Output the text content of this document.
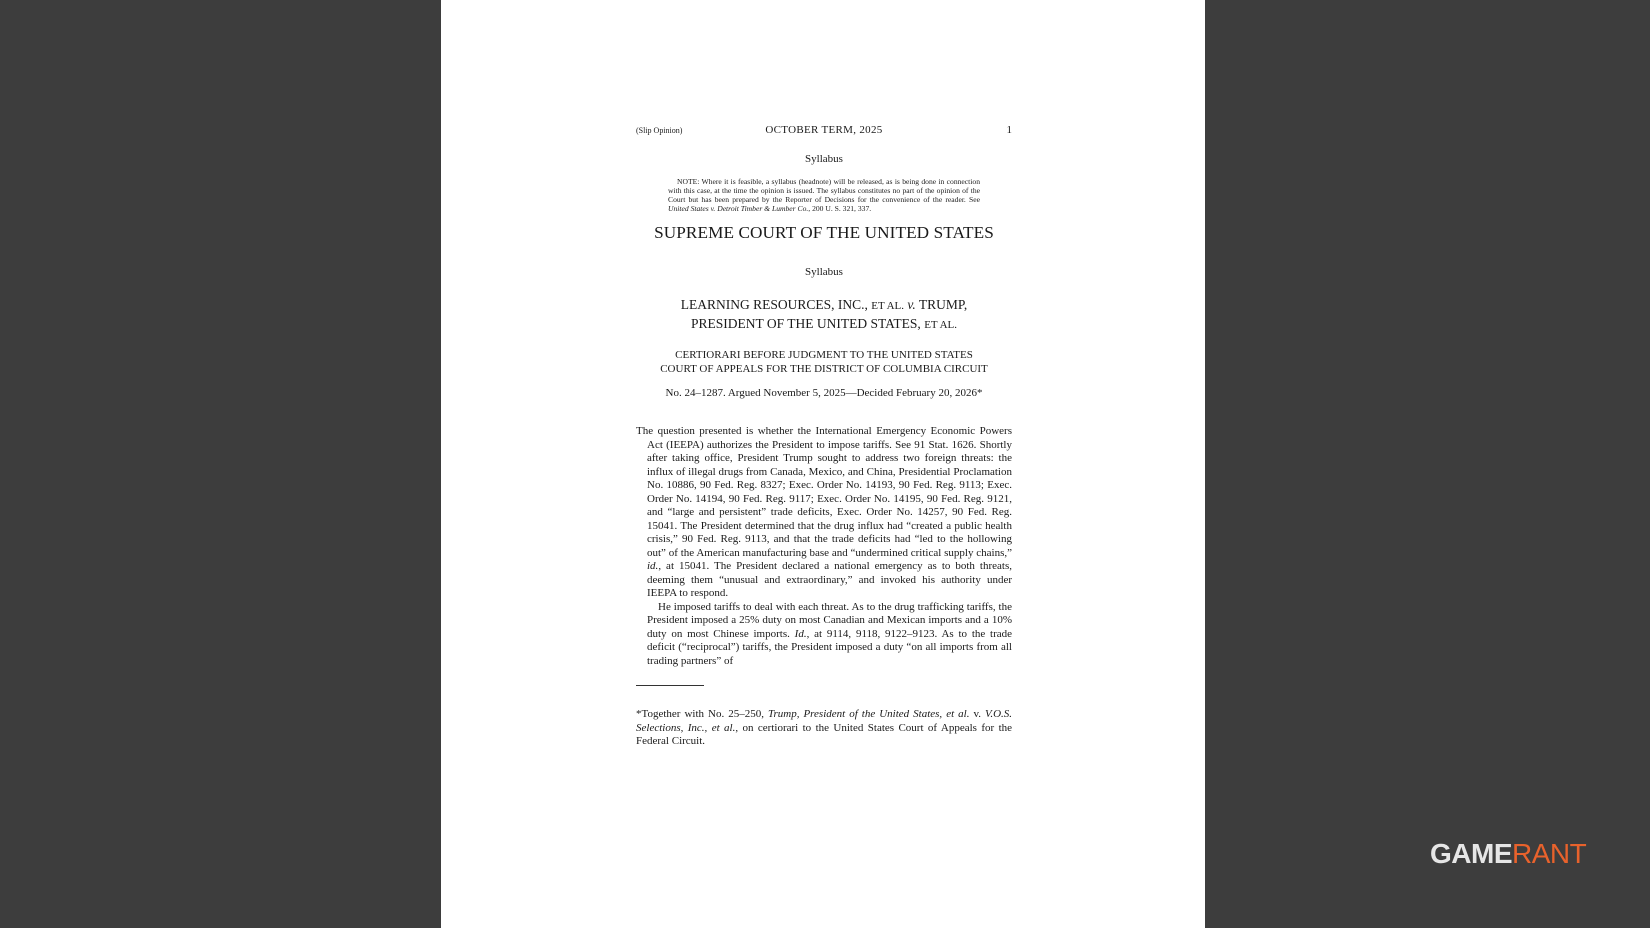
(Slip Opinion)	OCTOBER TERM, 2025	1
Syllabus
NOTE: Where it is feasible, a syllabus (headnote) will be released, as is being done in connection with this case, at the time the opinion is issued. The syllabus constitutes no part of the opinion of the Court but has been prepared by the Reporter of Decisions for the convenience of the reader. See United States v. Detroit Timber & Lumber Co., 200 U. S. 321, 337.
SUPREME COURT OF THE UNITED STATES
Syllabus
LEARNING RESOURCES, INC., ET AL. v. TRUMP,
PRESIDENT OF THE UNITED STATES, ET AL.
CERTIORARI BEFORE JUDGMENT TO THE UNITED STATES
COURT OF APPEALS FOR THE DISTRICT OF COLUMBIA CIRCUIT
No. 24–1287. Argued November 5, 2025—Decided February 20, 2026*

The question presented is whether the International Emergency Economic Powers Act (IEEPA) authorizes the President to impose tariffs. See 91 Stat. 1626. Shortly after taking office, President Trump sought to address two foreign threats: the influx of illegal drugs from Canada, Mexico, and China, Presidential Proclamation No. 10886, 90 Fed. Reg. 8327; Exec. Order No. 14193, 90 Fed. Reg. 9113; Exec. Order No. 14194, 90 Fed. Reg. 9117; Exec. Order No. 14195, 90 Fed. Reg. 9121, and “large and persistent” trade deficits, Exec. Order No. 14257, 90 Fed. Reg. 15041. The President determined that the drug influx had “created a public health crisis,” 90 Fed. Reg. 9113, and that the trade deficits had “led to the hollowing out” of the American manufacturing base and “undermined critical supply chains,” id., at 15041. The President declared a national emergency as to both threats, deeming them “unusual and extraordinary,” and invoked his authority under IEEPA to respond.

He imposed tariffs to deal with each threat. As to the drug trafficking tariffs, the President imposed a 25% duty on most Canadian and Mexican imports and a 10% duty on most Chinese imports. Id., at 9114, 9118, 9122–9123. As to the trade deficit (“reciprocal”) tariffs, the President imposed a duty “on all imports from all trading partners” of

*Together with No. 25–250, Trump, President of the United States, et al. v. V.O.S. Selections, Inc., et al., on certiorari to the United States Court of Appeals for the Federal Circuit.
GAMERANT
